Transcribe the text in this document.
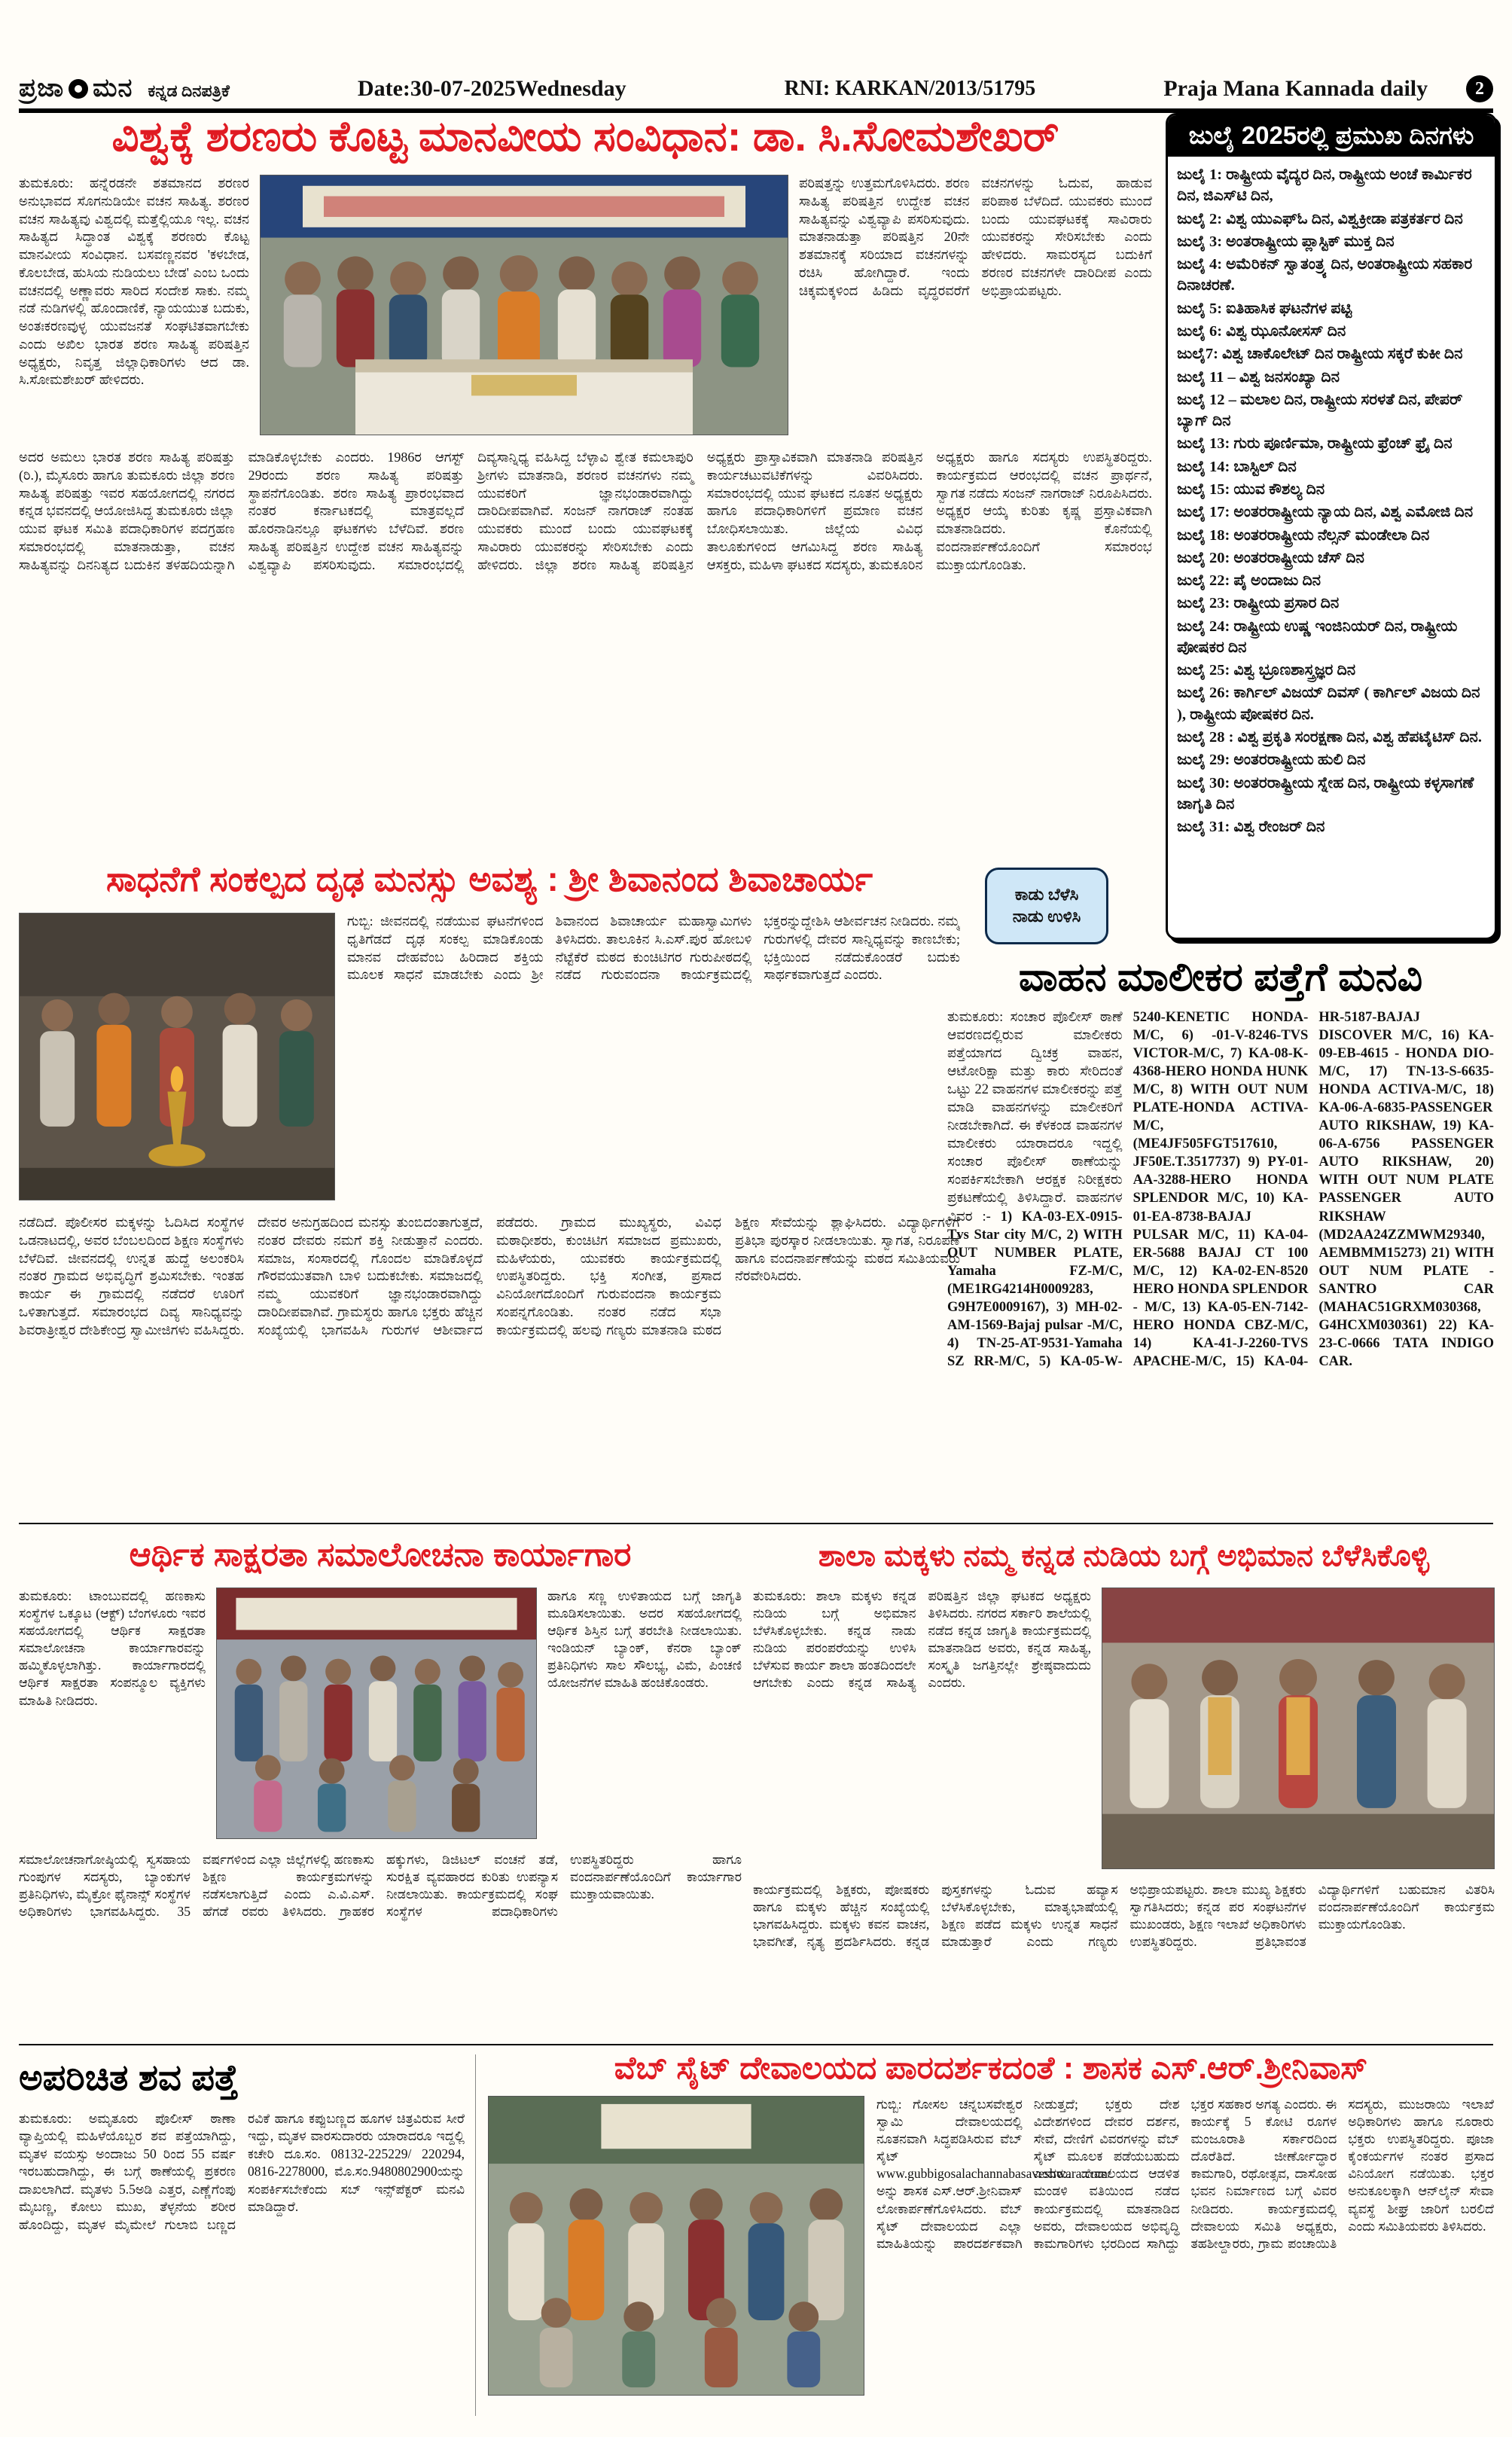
ಪ್ರಜಾ ಮನ ಕನ್ನಡ ದಿನಪತ್ರಿಕೆ	Date:30-07-2025Wednesday	RNI: KARKAN/2013/51795	Praja Mana Kannada daily	2
ವಿಶ್ವಕ್ಕೆ ಶರಣರು ಕೊಟ್ಟ ಮಾನವೀಯ ಸಂವಿಧಾನ: ಡಾ. ಸಿ.ಸೋಮಶೇಖರ್
ತುಮಕೂರು: ಹನ್ನೆರಡನೇ ಶತಮಾನದ ಶರಣರ ಅನುಭಾವದ ಸೊಗನುಡಿಯೇ ವಚನ ಸಾಹಿತ್ಯ. ಶರಣರ ವಚನ ಸಾಹಿತ್ಯವು ವಿಶ್ವದಲ್ಲಿ ಮತ್ತೆಲ್ಲಿಯೂ ಇಲ್ಲ. ವಚನ ಸಾಹಿತ್ಯದ ಸಿದ್ಧಾಂತ ವಿಶ್ವಕ್ಕೆ ಶರಣರು ಕೊಟ್ಟ ಮಾನವೀಯ ಸಂವಿಧಾನ. ಬಸವಣ್ಣನವರ 'ಕಳಬೇಡ, ಕೊಲಬೇಡ, ಹುಸಿಯ ನುಡಿಯಲು ಬೇಡ' ಎಂಬ ಒಂದು ವಚನದಲ್ಲಿ ಅಣ್ಣಾವರು ಸಾರಿದ ಸಂದೇಶ ಸಾಕು. ನಮ್ಮ ನಡೆ ನುಡಿಗಳಲ್ಲಿ ಹೊಂದಾಣಿಕೆ, ನ್ಯಾಯಯುತ ಬದುಕು, ಅಂತಃಕರಣವುಳ್ಳ ಯುವಜನತೆ ಸಂಘಟಿತವಾಗಬೇಕು ಎಂದು ಅಖಿಲ ಭಾರತ ಶರಣ ಸಾಹಿತ್ಯ ಪರಿಷತ್ತಿನ ಅಧ್ಯಕ್ಷರು, ನಿವೃತ್ತ ಜಿಲ್ಲಾಧಿಕಾರಿಗಳು ಆದ ಡಾ. ಸಿ.ಸೋಮಶೇಖರ್ ಹೇಳಿದರು.
ಪರಿಷತ್ತನ್ನು ಉತ್ತಮಗೊಳಿಸಿದರು. ಶರಣ ಸಾಹಿತ್ಯ ಪರಿಷತ್ತಿನ ಉದ್ದೇಶ ವಚನ ಸಾಹಿತ್ಯವನ್ನು ವಿಶ್ವವ್ಯಾಪಿ ಪಸರಿಸುವುದು. ಮಾತನಾಡುತ್ತಾ ಪರಿಷತ್ತಿನ 20ನೇ ಶತಮಾನಕ್ಕೆ ಸರಿಯಾದ ವಚನಗಳನ್ನು ರಚಿಸಿ ಹೋಗಿದ್ದಾರೆ. ಇಂದು ಚಿಕ್ಕಮಕ್ಕಳಿಂದ ಹಿಡಿದು ವೃದ್ಧರವರೆಗೆ ವಚನಗಳನ್ನು ಓದುವ, ಹಾಡುವ ಪರಿಪಾಠ ಬೆಳೆದಿದೆ. ಯುವಕರು ಮುಂದೆ ಬಂದು ಯುವಘಟಕಕ್ಕೆ ಸಾವಿರಾರು ಯುವಕರನ್ನು ಸೇರಿಸಬೇಕು ಎಂದು ಹೇಳಿದರು. ಸಾಮರಸ್ಯದ ಬದುಕಿಗೆ ಶರಣರ ವಚನಗಳೇ ದಾರಿದೀಪ ಎಂದು ಅಭಿಪ್ರಾಯಪಟ್ಟರು.
ಅದರ ಅಮಲು ಭಾರತ ಶರಣ ಸಾಹಿತ್ಯ ಪರಿಷತ್ತು (ರಿ.), ಮೈಸೂರು ಹಾಗೂ ತುಮಕೂರು ಜಿಲ್ಲಾ ಶರಣ ಸಾಹಿತ್ಯ ಪರಿಷತ್ತು ಇವರ ಸಹಯೋಗದಲ್ಲಿ ನಗರದ ಕನ್ನಡ ಭವನದಲ್ಲಿ ಆಯೋಜಿಸಿದ್ದ ತುಮಕೂರು ಜಿಲ್ಲಾ ಯುವ ಘಟಕ ಸಮಿತಿ ಪದಾಧಿಕಾರಿಗಳ ಪದಗ್ರಹಣ ಸಮಾರಂಭದಲ್ಲಿ ಮಾತನಾಡುತ್ತಾ, ವಚನ ಸಾಹಿತ್ಯವನ್ನು ದಿನನಿತ್ಯದ ಬದುಕಿನ ತಳಹದಿಯನ್ನಾಗಿ ಮಾಡಿಕೊಳ್ಳಬೇಕು ಎಂದರು. 1986ರ ಆಗಸ್ಟ್ 29ರಂದು ಶರಣ ಸಾಹಿತ್ಯ ಪರಿಷತ್ತು ಸ್ಥಾಪನೆಗೊಂಡಿತು. ಶರಣ ಸಾಹಿತ್ಯ ಪ್ರಾರಂಭವಾದ ನಂತರ ಕರ್ನಾಟಕದಲ್ಲಿ ಮಾತ್ರವಲ್ಲದೆ ಹೊರನಾಡಿನಲ್ಲೂ ಘಟಕಗಳು ಬೆಳೆದಿವೆ. ಶರಣ ಸಾಹಿತ್ಯ ಪರಿಷತ್ತಿನ ಉದ್ದೇಶ ವಚನ ಸಾಹಿತ್ಯವನ್ನು ವಿಶ್ವವ್ಯಾಪಿ ಪಸರಿಸುವುದು. ಸಮಾರಂಭದಲ್ಲಿ ದಿವ್ಯಸಾನ್ನಿಧ್ಯ ವಹಿಸಿದ್ದ ಬೆಳ್ಳಾವಿ ಶ್ವೇತ ಕಮಲಾಪುರಿ ಶ್ರೀಗಳು ಮಾತನಾಡಿ, ಶರಣರ ವಚನಗಳು ನಮ್ಮ ಯುವಕರಿಗೆ ಜ್ಞಾನಭಂಡಾರವಾಗಿದ್ದು ದಾರಿದೀಪವಾಗಿವೆ. ಸಂಜನ್ ನಾಗರಾಜ್ ನಂತಹ ಯುವಕರು ಮುಂದೆ ಬಂದು ಯುವಘಟಕಕ್ಕೆ ಸಾವಿರಾರು ಯುವಕರನ್ನು ಸೇರಿಸಬೇಕು ಎಂದು ಹೇಳಿದರು. ಜಿಲ್ಲಾ ಶರಣ ಸಾಹಿತ್ಯ ಪರಿಷತ್ತಿನ ಅಧ್ಯಕ್ಷರು ಪ್ರಾಸ್ತಾವಿಕವಾಗಿ ಮಾತನಾಡಿ ಪರಿಷತ್ತಿನ ಕಾರ್ಯಚಟುವಟಿಕೆಗಳನ್ನು ವಿವರಿಸಿದರು. ಸಮಾರಂಭದಲ್ಲಿ ಯುವ ಘಟಕದ ನೂತನ ಅಧ್ಯಕ್ಷರು ಹಾಗೂ ಪದಾಧಿಕಾರಿಗಳಿಗೆ ಪ್ರಮಾಣ ವಚನ ಬೋಧಿಸಲಾಯಿತು. ಜಿಲ್ಲೆಯ ವಿವಿಧ ತಾಲೂಕುಗಳಿಂದ ಆಗಮಿಸಿದ್ದ ಶರಣ ಸಾಹಿತ್ಯ ಆಸಕ್ತರು, ಮಹಿಳಾ ಘಟಕದ ಸದಸ್ಯರು, ತುಮಕೂರಿನ ಅಧ್ಯಕ್ಷರು ಹಾಗೂ ಸದಸ್ಯರು ಉಪಸ್ಥಿತರಿದ್ದರು. ಕಾರ್ಯಕ್ರಮದ ಆರಂಭದಲ್ಲಿ ವಚನ ಪ್ರಾರ್ಥನೆ, ಸ್ವಾಗತ ನಡೆದು ಸಂಜನ್ ನಾಗರಾಜ್ ನಿರೂಪಿಸಿದರು. ಅಧ್ಯಕ್ಷರ ಆಯ್ಕೆ ಕುರಿತು ಕೃಷ್ಣ ಪ್ರಸ್ತಾವಿಕವಾಗಿ ಮಾತನಾಡಿದರು. ಕೊನೆಯಲ್ಲಿ ವಂದನಾರ್ಪಣೆಯೊಂದಿಗೆ ಸಮಾರಂಭ ಮುಕ್ತಾಯಗೊಂಡಿತು.
ಜುಲೈ 2025ರಲ್ಲಿ ಪ್ರಮುಖ ದಿನಗಳು
ಜುಲೈ 1: ರಾಷ್ಟ್ರೀಯ ವೈದ್ಯರ ದಿನ, ರಾಷ್ಟ್ರೀಯ ಅಂಚೆ ಕಾರ್ಮಿಕರ ದಿನ, ಜಿಎಸ್‌ಟಿ ದಿನ,
ಜುಲೈ 2: ವಿಶ್ವ ಯುಎಫ್‌ಓ ದಿನ, ವಿಶ್ವಕ್ರೀಡಾ ಪತ್ರಕರ್ತರ ದಿನ
ಜುಲೈ 3: ಅಂತರಾಷ್ಟ್ರೀಯ ಪ್ಲಾಸ್ಟಿಕ್ ಮುಕ್ತ ದಿನ
ಜುಲೈ 4: ಅಮೆರಿಕನ್ ಸ್ವಾತಂತ್ರ್ಯ ದಿನ, ಅಂತರಾಷ್ಟ್ರೀಯ ಸಹಕಾರ ದಿನಾಚರಣೆ.
ಜುಲೈ 5: ಐತಿಹಾಸಿಕ ಘಟನೆಗಳ ಪಟ್ಟಿ
ಜುಲೈ 6: ವಿಶ್ವ ಝೂನೋಸಸ್ ದಿನ
ಜುಲೈ7: ವಿಶ್ವ ಚಾಕೊಲೇಟ್ ದಿನ ರಾಷ್ಟ್ರೀಯ ಸಕ್ಕರೆ ಕುಕೀ ದಿನ
ಜುಲೈ 11 – ವಿಶ್ವ ಜನಸಂಖ್ಯಾ ದಿನ
ಜುಲೈ 12 – ಮಲಾಲ ದಿನ, ರಾಷ್ಟ್ರೀಯ ಸರಳತೆ ದಿನ, ಪೇಪರ್ ಬ್ಯಾಗ್ ದಿನ
ಜುಲೈ 13: ಗುರು ಪೂರ್ಣಿಮಾ, ರಾಷ್ಟ್ರೀಯ ಫ್ರೆಂಚ್ ಫ್ರೈ ದಿನ
ಜುಲೈ 14: ಬಾಸ್ಟಿಲ್ ದಿನ
ಜುಲೈ 15: ಯುವ ಕೌಶಲ್ಯ ದಿನ
ಜುಲೈ 17: ಅಂತರರಾಷ್ಟ್ರೀಯ ನ್ಯಾಯ ದಿನ, ವಿಶ್ವ ಎಮೋಜಿ ದಿನ
ಜುಲೈ 18: ಅಂತರರಾಷ್ಟ್ರೀಯ ನೆಲ್ಸನ್ ಮಂಡೇಲಾ ದಿನ
ಜುಲೈ 20: ಅಂತರರಾಷ್ಟ್ರೀಯ ಚೆಸ್ ದಿನ
ಜುಲೈ 22: ಪೈ ಅಂದಾಜು ದಿನ
ಜುಲೈ 23: ರಾಷ್ಟ್ರೀಯ ಪ್ರಸಾರ ದಿನ
ಜುಲೈ 24: ರಾಷ್ಟ್ರೀಯ ಉಷ್ಣ ಇಂಜಿನಿಯರ್ ದಿನ, ರಾಷ್ಟ್ರೀಯ ಪೋಷಕರ ದಿನ
ಜುಲೈ 25: ವಿಶ್ವ ಭ್ರೂಣಶಾಸ್ತ್ರಜ್ಞರ ದಿನ
ಜುಲೈ 26: ಕಾರ್ಗಿಲ್ ವಿಜಯ್ ದಿವಸ್ ( ಕಾರ್ಗಿಲ್ ವಿಜಯ ದಿನ ), ರಾಷ್ಟ್ರೀಯ ಪೋಷಕರ ದಿನ.
ಜುಲೈ 28 : ವಿಶ್ವ ಪ್ರಕೃತಿ ಸಂರಕ್ಷಣಾ ದಿನ, ವಿಶ್ವ ಹೆಪಟೈಟಿಸ್ ದಿನ.
ಜುಲೈ 29: ಅಂತರರಾಷ್ಟ್ರೀಯ ಹುಲಿ ದಿನ
ಜುಲೈ 30: ಅಂತರರಾಷ್ಟ್ರೀಯ ಸ್ನೇಹ ದಿನ, ರಾಷ್ಟ್ರೀಯ ಕಳ್ಳಸಾಗಣೆ ಜಾಗೃತಿ ದಿನ
ಜುಲೈ 31: ವಿಶ್ವ ರೇಂಜರ್ ದಿನ
ಕಾಡು ಬೆಳೆಸಿ
ನಾಡು ಉಳಿಸಿ
ಸಾಧನೆಗೆ ಸಂಕಲ್ಪದ ದೃಢ ಮನಸ್ಸು ಅವಶ್ಯ : ಶ್ರೀ ಶಿವಾನಂದ ಶಿವಾಚಾರ್ಯ
ಗುಬ್ಬಿ: ಜೀವನದಲ್ಲಿ ನಡೆಯುವ ಘಟನೆಗಳಿಂದ ಧೃತಿಗೆಡದೆ ದೃಢ ಸಂಕಲ್ಪ ಮಾಡಿಕೊಂಡು ಮಾನವ ದೇಹವೆಂಬ ಹಿರಿದಾದ ಶಕ್ತಿಯ ಮೂಲಕ ಸಾಧನೆ ಮಾಡಬೇಕು ಎಂದು ಶ್ರೀ ಶಿವಾನಂದ ಶಿವಾಚಾರ್ಯ ಮಹಾಸ್ವಾಮಿಗಳು ತಿಳಿಸಿದರು. ತಾಲೂಕಿನ ಸಿ.ಎಸ್.ಪುರ ಹೋಬಳಿ ನೆಟ್ಟೆಕೆರೆ ಮಠದ ಕುಂಚಿಟಿಗರ ಗುರುಪೀಠದಲ್ಲಿ ನಡೆದ ಗುರುವಂದನಾ ಕಾರ್ಯಕ್ರಮದಲ್ಲಿ ಭಕ್ತರನ್ನುದ್ದೇಶಿಸಿ ಆಶೀರ್ವಚನ ನೀಡಿದರು. ನಮ್ಮ ಗುರುಗಳಲ್ಲಿ ದೇವರ ಸಾನ್ನಿಧ್ಯವನ್ನು ಕಾಣಬೇಕು; ಭಕ್ತಿಯಿಂದ ನಡೆದುಕೊಂಡರೆ ಬದುಕು ಸಾರ್ಥಕವಾಗುತ್ತದೆ ಎಂದರು.
ನಡೆದಿದೆ. ಪೊಲೀಸರ ಮಕ್ಕಳನ್ನು ಓದಿಸಿದ ಸಂಸ್ಥೆಗಳ ಒಡನಾಟದಲ್ಲಿ, ಅವರ ಬೆಂಬಲದಿಂದ ಶಿಕ್ಷಣ ಸಂಸ್ಥೆಗಳು ಬೆಳೆದಿವೆ. ಜೀವನದಲ್ಲಿ ಉನ್ನತ ಹುದ್ದೆ ಅಲಂಕರಿಸಿ ನಂತರ ಗ್ರಾಮದ ಅಭಿವೃದ್ಧಿಗೆ ಶ್ರಮಿಸಬೇಕು. ಇಂತಹ ಕಾರ್ಯ ಈ ಗ್ರಾಮದಲ್ಲಿ ನಡೆದರೆ ಊರಿಗೆ ಒಳಿತಾಗುತ್ತದೆ. ಸಮಾರಂಭದ ದಿವ್ಯ ಸಾನಿಧ್ಯವನ್ನು ಶಿವರಾತ್ರೀಶ್ವರ ದೇಶಿಕೇಂದ್ರ ಸ್ವಾಮೀಜಿಗಳು ವಹಿಸಿದ್ದರು. ದೇವರ ಅನುಗ್ರಹದಿಂದ ಮನಸ್ಸು ತುಂಬಿದಂತಾಗುತ್ತದೆ, ನಂತರ ದೇವರು ನಮಗೆ ಶಕ್ತಿ ನೀಡುತ್ತಾನೆ ಎಂದರು. ಸಮಾಜ, ಸಂಸಾರದಲ್ಲಿ ಗೊಂದಲ ಮಾಡಿಕೊಳ್ಳದೆ ಗೌರವಯುತವಾಗಿ ಬಾಳಿ ಬದುಕಬೇಕು. ಸಮಾಜದಲ್ಲಿ ನಮ್ಮ ಯುವಕರಿಗೆ ಜ್ಞಾನಭಂಡಾರವಾಗಿದ್ದು ದಾರಿದೀಪವಾಗಿವೆ. ಗ್ರಾಮಸ್ಥರು ಹಾಗೂ ಭಕ್ತರು ಹೆಚ್ಚಿನ ಸಂಖ್ಯೆಯಲ್ಲಿ ಭಾಗವಹಿಸಿ ಗುರುಗಳ ಆಶೀರ್ವಾದ ಪಡೆದರು. ಗ್ರಾಮದ ಮುಖ್ಯಸ್ಥರು, ವಿವಿಧ ಮಠಾಧೀಶರು, ಕುಂಚಿಟಿಗ ಸಮಾಜದ ಪ್ರಮುಖರು, ಮಹಿಳೆಯರು, ಯುವಕರು ಕಾರ್ಯಕ್ರಮದಲ್ಲಿ ಉಪಸ್ಥಿತರಿದ್ದರು. ಭಕ್ತಿ ಸಂಗೀತ, ಪ್ರಸಾದ ವಿನಿಯೋಗದೊಂದಿಗೆ ಗುರುವಂದನಾ ಕಾರ್ಯಕ್ರಮ ಸಂಪನ್ನಗೊಂಡಿತು. ನಂತರ ನಡೆದ ಸಭಾ ಕಾರ್ಯಕ್ರಮದಲ್ಲಿ ಹಲವು ಗಣ್ಯರು ಮಾತನಾಡಿ ಮಠದ ಶಿಕ್ಷಣ ಸೇವೆಯನ್ನು ಶ್ಲಾಘಿಸಿದರು. ವಿದ್ಯಾರ್ಥಿಗಳಿಗೆ ಪ್ರತಿಭಾ ಪುರಸ್ಕಾರ ನೀಡಲಾಯಿತು. ಸ್ವಾಗತ, ನಿರೂಪಣೆ ಹಾಗೂ ವಂದನಾರ್ಪಣೆಯನ್ನು ಮಠದ ಸಮಿತಿಯವರು ನೆರವೇರಿಸಿದರು.
ವಾಹನ ಮಾಲೀಕರ ಪತ್ತೆಗೆ ಮನವಿ
ತುಮಕೂರು: ಸಂಚಾರ ಪೊಲೀಸ್ ಠಾಣೆ ಆವರಣದಲ್ಲಿರುವ ಮಾಲೀಕರು ಪತ್ತೆಯಾಗದ ದ್ವಿಚಕ್ರ ವಾಹನ, ಆಟೋರಿಕ್ಷಾ ಮತ್ತು ಕಾರು ಸೇರಿದಂತೆ ಒಟ್ಟು 22 ವಾಹನಗಳ ಮಾಲೀಕರನ್ನು ಪತ್ತೆ ಮಾಡಿ ವಾಹನಗಳನ್ನು ಮಾಲೀಕರಿಗೆ ನೀಡಬೇಕಾಗಿದೆ. ಈ ಕೆಳಕಂಡ ವಾಹನಗಳ ಮಾಲೀಕರು ಯಾರಾದರೂ ಇದ್ದಲ್ಲಿ ಸಂಚಾರ ಪೊಲೀಸ್ ಠಾಣೆಯನ್ನು ಸಂಪರ್ಕಿಸಬೇಕಾಗಿ ಆರಕ್ಷಕ ನಿರೀಕ್ಷಕರು ಪ್ರಕಟಣೆಯಲ್ಲಿ ತಿಳಿಸಿದ್ದಾರೆ. ವಾಹನಗಳ ವಿವರ :- 1) KA-03-EX-0915-Tvs Star city M/C, 2) WITH OUT NUMBER PLATE, Yamaha FZ-M/C, (ME1RG4214H0009283, G9H7E0009167), 3) MH-02-AM-1569-Bajaj pulsar -M/C, 4) TN-25-AT-9531-Yamaha SZ RR-M/C, 5) KA-05-W-5240-KENETIC HONDA-M/C, 6) -01-V-8246-TVS VICTOR-M/C, 7) KA-08-K-4368-HERO HONDA HUNK M/C, 8) WITH OUT NUM PLATE-HONDA ACTIVA-M/C, (ME4JF505FGT517610, JF50E.T.3517737) 9) PY-01-AA-3288-HERO HONDA SPLENDOR M/C, 10) KA-01-EA-8738-BAJAJ PULSAR M/C, 11) KA-04-ER-5688 BAJAJ CT 100 M/C, 12) KA-02-EN-8520 HERO HONDA SPLENDOR - M/C, 13) KA-05-EN-7142-HERO HONDA CBZ-M/C, 14) KA-41-J-2260-TVS APACHE-M/C, 15) KA-04-HR-5187-BAJAJ DISCOVER M/C, 16) KA-09-EB-4615 - HONDA DIO-M/C, 17) TN-13-S-6635-HONDA ACTIVA-M/C, 18) KA-06-A-6835-PASSENGER AUTO RIKSHAW, 19) KA-06-A-6756 PASSENGER AUTO RIKSHAW, 20) WITH OUT NUM PLATE PASSENGER AUTO RIKSHAW (MD2AA24ZZMWM29340, AEMBMM15273) 21) WITH OUT NUM PLATE - SANTRO CAR (MAHAC51GRXM030368, G4HCXM030361) 22) KA-23-C-0666 TATA INDIGO CAR.
ಆರ್ಥಿಕ ಸಾಕ್ಷರತಾ ಸಮಾಲೋಚನಾ ಕಾರ್ಯಾಗಾರ
ತುಮಕೂರು: ಟಾಂಬುವದಲ್ಲಿ ಹಣಕಾಸು ಸಂಸ್ಥೆಗಳ ಒಕ್ಕೂಟ (ಆಕ್ಟ್) ಬೆಂಗಳೂರು ಇವರ ಸಹಯೋಗದಲ್ಲಿ ಆರ್ಥಿಕ ಸಾಕ್ಷರತಾ ಸಮಾಲೋಚನಾ ಕಾರ್ಯಾಗಾರವನ್ನು ಹಮ್ಮಿಕೊಳ್ಳಲಾಗಿತ್ತು. ಕಾರ್ಯಾಗಾರದಲ್ಲಿ ಆರ್ಥಿಕ ಸಾಕ್ಷರತಾ ಸಂಪನ್ಮೂಲ ವ್ಯಕ್ತಿಗಳು ಮಾಹಿತಿ ನೀಡಿದರು.
ಹಾಗೂ ಸಣ್ಣ ಉಳಿತಾಯದ ಬಗ್ಗೆ ಜಾಗೃತಿ ಮೂಡಿಸಲಾಯಿತು. ಅದರ ಸಹಯೋಗದಲ್ಲಿ ಆರ್ಥಿಕ ಶಿಸ್ತಿನ ಬಗ್ಗೆ ತರಬೇತಿ ನೀಡಲಾಯಿತು. ಇಂಡಿಯನ್ ಬ್ಯಾಂಕ್, ಕೆನರಾ ಬ್ಯಾಂಕ್ ಪ್ರತಿನಿಧಿಗಳು ಸಾಲ ಸೌಲಭ್ಯ, ವಿಮೆ, ಪಿಂಚಣಿ ಯೋಜನೆಗಳ ಮಾಹಿತಿ ಹಂಚಿಕೊಂಡರು.
ಸಮಾಲೋಚನಾಗೋಷ್ಠಿಯಲ್ಲಿ ಸ್ವಸಹಾಯ ಗುಂಪುಗಳ ಸದಸ್ಯರು, ಬ್ಯಾಂಕುಗಳ ಪ್ರತಿನಿಧಿಗಳು, ಮೈಕ್ರೋ ಫೈನಾನ್ಸ್ ಸಂಸ್ಥೆಗಳ ಅಧಿಕಾರಿಗಳು ಭಾಗವಹಿಸಿದ್ದರು. 35 ವರ್ಷಗಳಿಂದ ಎಲ್ಲಾ ಜಿಲ್ಲೆಗಳಲ್ಲಿ ಹಣಕಾಸು ಶಿಕ್ಷಣ ಕಾರ್ಯಕ್ರಮಗಳನ್ನು ನಡೆಸಲಾಗುತ್ತಿದೆ ಎಂದು ಎ.ವಿ.ಎಸ್. ಹೆಗಡೆ ರವರು ತಿಳಿಸಿದರು. ಗ್ರಾಹಕರ ಹಕ್ಕುಗಳು, ಡಿಜಿಟಲ್ ವಂಚನೆ ತಡೆ, ಸುರಕ್ಷಿತ ವ್ಯವಹಾರದ ಕುರಿತು ಉಪನ್ಯಾಸ ನೀಡಲಾಯಿತು. ಕಾರ್ಯಕ್ರಮದಲ್ಲಿ ಸಂಘ ಸಂಸ್ಥೆಗಳ ಪದಾಧಿಕಾರಿಗಳು ಉಪಸ್ಥಿತರಿದ್ದರು ಹಾಗೂ ವಂದನಾರ್ಪಣೆಯೊಂದಿಗೆ ಕಾರ್ಯಾಗಾರ ಮುಕ್ತಾಯವಾಯಿತು.
ಶಾಲಾ ಮಕ್ಕಳು ನಮ್ಮ ಕನ್ನಡ ನುಡಿಯ ಬಗ್ಗೆ ಅಭಿಮಾನ ಬೆಳೆಸಿಕೊಳ್ಳಿ
ತುಮಕೂರು: ಶಾಲಾ ಮಕ್ಕಳು ಕನ್ನಡ ನುಡಿಯ ಬಗ್ಗೆ ಅಭಿಮಾನ ಬೆಳೆಸಿಕೊಳ್ಳಬೇಕು. ಕನ್ನಡ ನಾಡು ನುಡಿಯ ಪರಂಪರೆಯನ್ನು ಉಳಿಸಿ ಬೆಳೆಸುವ ಕಾರ್ಯ ಶಾಲಾ ಹಂತದಿಂದಲೇ ಆಗಬೇಕು ಎಂದು ಕನ್ನಡ ಸಾಹಿತ್ಯ ಪರಿಷತ್ತಿನ ಜಿಲ್ಲಾ ಘಟಕದ ಅಧ್ಯಕ್ಷರು ತಿಳಿಸಿದರು. ನಗರದ ಸರ್ಕಾರಿ ಶಾಲೆಯಲ್ಲಿ ನಡೆದ ಕನ್ನಡ ಜಾಗೃತಿ ಕಾರ್ಯಕ್ರಮದಲ್ಲಿ ಮಾತನಾಡಿದ ಅವರು, ಕನ್ನಡ ಸಾಹಿತ್ಯ, ಸಂಸ್ಕೃತಿ ಜಗತ್ತಿನಲ್ಲೇ ಶ್ರೇಷ್ಠವಾದುದು ಎಂದರು.
ಕಾರ್ಯಕ್ರಮದಲ್ಲಿ ಶಿಕ್ಷಕರು, ಪೋಷಕರು ಹಾಗೂ ಮಕ್ಕಳು ಹೆಚ್ಚಿನ ಸಂಖ್ಯೆಯಲ್ಲಿ ಭಾಗವಹಿಸಿದ್ದರು. ಮಕ್ಕಳು ಕವನ ವಾಚನ, ಭಾವಗೀತೆ, ನೃತ್ಯ ಪ್ರದರ್ಶಿಸಿದರು. ಕನ್ನಡ ಪುಸ್ತಕಗಳನ್ನು ಓದುವ ಹವ್ಯಾಸ ಬೆಳೆಸಿಕೊಳ್ಳಬೇಕು, ಮಾತೃಭಾಷೆಯಲ್ಲಿ ಶಿಕ್ಷಣ ಪಡೆದ ಮಕ್ಕಳು ಉನ್ನತ ಸಾಧನೆ ಮಾಡುತ್ತಾರೆ ಎಂದು ಗಣ್ಯರು ಅಭಿಪ್ರಾಯಪಟ್ಟರು. ಶಾಲಾ ಮುಖ್ಯ ಶಿಕ್ಷಕರು ಸ್ವಾಗತಿಸಿದರು; ಕನ್ನಡ ಪರ ಸಂಘಟನೆಗಳ ಮುಖಂಡರು, ಶಿಕ್ಷಣ ಇಲಾಖೆ ಅಧಿಕಾರಿಗಳು ಉಪಸ್ಥಿತರಿದ್ದರು. ಪ್ರತಿಭಾವಂತ ವಿದ್ಯಾರ್ಥಿಗಳಿಗೆ ಬಹುಮಾನ ವಿತರಿಸಿ ವಂದನಾರ್ಪಣೆಯೊಂದಿಗೆ ಕಾರ್ಯಕ್ರಮ ಮುಕ್ತಾಯಗೊಂಡಿತು.
ಅಪರಿಚಿತ ಶವ ಪತ್ತೆ
ತುಮಕೂರು: ಅಮೃತೂರು ಪೊಲೀಸ್ ಠಾಣಾ ವ್ಯಾಪ್ತಿಯಲ್ಲಿ ಮಹಿಳೆಯೊಬ್ಬರ ಶವ ಪತ್ತೆಯಾಗಿದ್ದು, ಮೃತಳ ವಯಸ್ಸು ಅಂದಾಜು 50 ರಿಂದ 55 ವರ್ಷ ಇರಬಹುದಾಗಿದ್ದು, ಈ ಬಗ್ಗೆ ಠಾಣೆಯಲ್ಲಿ ಪ್ರಕರಣ ದಾಖಲಾಗಿದೆ. ಮೃತಳು 5.5ಅಡಿ ಎತ್ತರ, ಎಣ್ಣೆಗೆಂಪು ಮೈಬಣ್ಣ, ಕೋಲು ಮುಖ, ತೆಳ್ಳನೆಯ ಶರೀರ ಹೊಂದಿದ್ದು, ಮೃತಳ ಮೈಮೇಲೆ ಗುಲಾಬಿ ಬಣ್ಣದ ರವಿಕೆ ಹಾಗೂ ಕಪ್ಪುಬಣ್ಣದ ಹೂಗಳ ಚಿತ್ರವಿರುವ ಸೀರೆ ಇದ್ದು, ಮೃತಳ ವಾರಸುದಾರರು ಯಾರಾದರೂ ಇದ್ದಲ್ಲಿ ಕಚೇರಿ ದೂ.ಸಂ. 08132-225229/ 220294, 0816-2278000, ಮೊ.ಸಂ.9480802900ಯನ್ನು ಸಂಪರ್ಕಿಸಬೇಕೆಂದು ಸಬ್ ಇನ್ಸ್‌ಪೆಕ್ಟರ್ ಮನವಿ ಮಾಡಿದ್ದಾರೆ.
ವೆಬ್ ಸೈಟ್ ದೇವಾಲಯದ ಪಾರದರ್ಶಕದಂತೆ : ಶಾಸಕ ಎಸ್.ಆರ್.ಶ್ರೀನಿವಾಸ್
ಗುಬ್ಬಿ: ಗೋಸಲ ಚನ್ನಬಸವೇಶ್ವರ ಸ್ವಾಮಿ ದೇವಾಲಯದಲ್ಲಿ ನೂತನವಾಗಿ ಸಿದ್ಧಪಡಿಸಿರುವ ವೆಬ್ ಸೈಟ್ www.gubbigosalachannabasaveshwara.com/ ಅನ್ನು ಶಾಸಕ ಎಸ್.ಆರ್.ಶ್ರೀನಿವಾಸ್ ಲೋಕಾರ್ಪಣೆಗೊಳಿಸಿದರು. ವೆಬ್ ಸೈಟ್ ದೇವಾಲಯದ ಎಲ್ಲಾ ಮಾಹಿತಿಯನ್ನು ಪಾರದರ್ಶಕವಾಗಿ ನೀಡುತ್ತದೆ; ಭಕ್ತರು ದೇಶ ವಿದೇಶಗಳಿಂದ ದೇವರ ದರ್ಶನ, ಸೇವೆ, ದೇಣಿಗೆ ವಿವರಗಳನ್ನು ವೆಬ್ ಸೈಟ್ ಮೂಲಕ ಪಡೆಯಬಹುದು ಎಂದರು. ದೇವಾಲಯದ ಆಡಳಿತ ಮಂಡಳಿ ವತಿಯಿಂದ ನಡೆದ ಕಾರ್ಯಕ್ರಮದಲ್ಲಿ ಮಾತನಾಡಿದ ಅವರು, ದೇವಾಲಯದ ಅಭಿವೃದ್ಧಿ ಕಾಮಗಾರಿಗಳು ಭರದಿಂದ ಸಾಗಿದ್ದು ಭಕ್ತರ ಸಹಕಾರ ಅಗತ್ಯ ಎಂದರು. ಈ ಕಾರ್ಯಕ್ಕೆ 5 ಕೋಟಿ ರೂಗಳ ಮಂಜೂರಾತಿ ಸರ್ಕಾರದಿಂದ ದೊರೆತಿದೆ. ಜೀರ್ಣೋದ್ಧಾರ ಕಾಮಗಾರಿ, ರಥೋತ್ಸವ, ದಾಸೋಹ ಭವನ ನಿರ್ಮಾಣದ ಬಗ್ಗೆ ವಿವರ ನೀಡಿದರು. ಕಾರ್ಯಕ್ರಮದಲ್ಲಿ ದೇವಾಲಯ ಸಮಿತಿ ಅಧ್ಯಕ್ಷರು, ತಹಶೀಲ್ದಾರರು, ಗ್ರಾಮ ಪಂಚಾಯಿತಿ ಸದಸ್ಯರು, ಮುಜರಾಯಿ ಇಲಾಖೆ ಅಧಿಕಾರಿಗಳು ಹಾಗೂ ನೂರಾರು ಭಕ್ತರು ಉಪಸ್ಥಿತರಿದ್ದರು. ಪೂಜಾ ಕೈಂಕರ್ಯಗಳ ನಂತರ ಪ್ರಸಾದ ವಿನಿಯೋಗ ನಡೆಯಿತು. ಭಕ್ತರ ಅನುಕೂಲಕ್ಕಾಗಿ ಆನ್‌ಲೈನ್ ಸೇವಾ ವ್ಯವಸ್ಥೆ ಶೀಘ್ರ ಜಾರಿಗೆ ಬರಲಿದೆ ಎಂದು ಸಮಿತಿಯವರು ತಿಳಿಸಿದರು.
